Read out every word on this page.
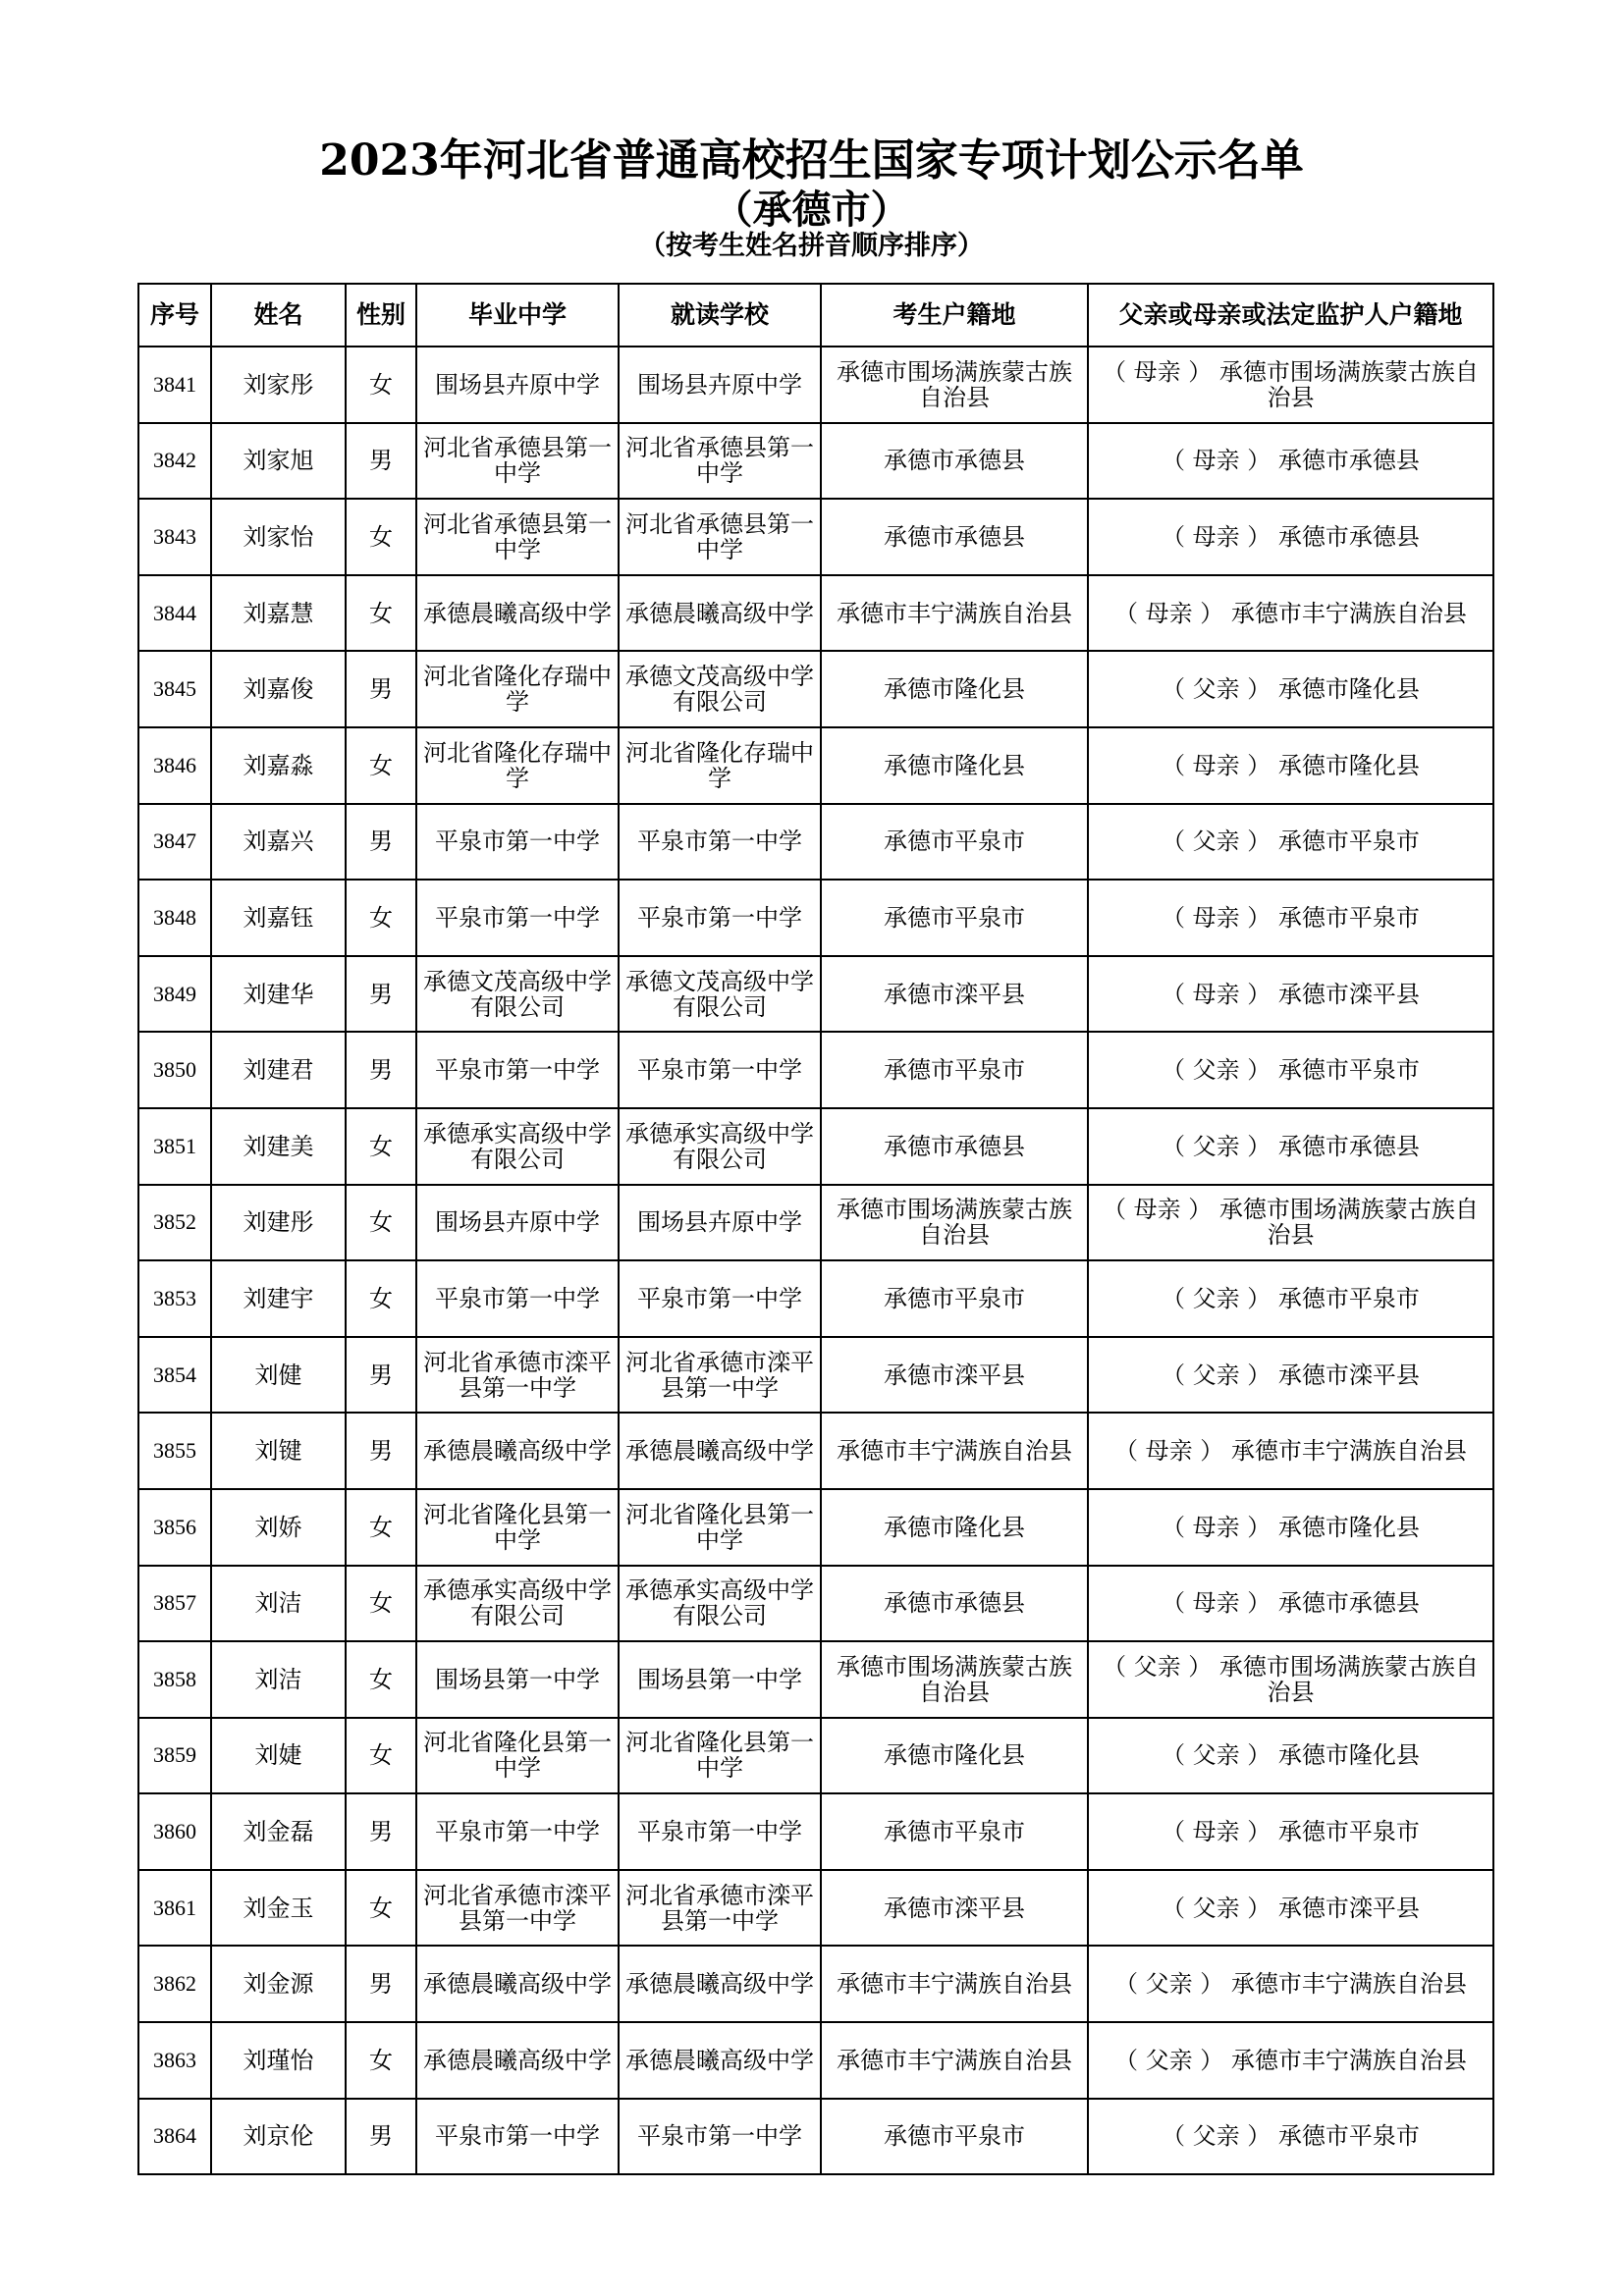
2023年河北省普通高校招生国家专项计划公示名单
（承德市）
（按考生姓名拼音顺序排序）
序号	姓名	性别	毕业中学	就读学校	考生户籍地	父亲或母亲或法定监护人户籍地
3841	刘家彤	女	围场县卉原中学	围场县卉原中学	承德市围场满族蒙古族自治县	（ 母亲 ） 承德市围场满族蒙古族自治县
3842	刘家旭	男	河北省承德县第一中学	河北省承德县第一中学	承德市承德县	（ 母亲 ） 承德市承德县
3843	刘家怡	女	河北省承德县第一中学	河北省承德县第一中学	承德市承德县	（ 母亲 ） 承德市承德县
3844	刘嘉慧	女	承德晨曦高级中学	承德晨曦高级中学	承德市丰宁满族自治县	（ 母亲 ） 承德市丰宁满族自治县
3845	刘嘉俊	男	河北省隆化存瑞中学	承德文茂高级中学有限公司	承德市隆化县	（ 父亲 ） 承德市隆化县
3846	刘嘉淼	女	河北省隆化存瑞中学	河北省隆化存瑞中学	承德市隆化县	（ 母亲 ） 承德市隆化县
3847	刘嘉兴	男	平泉市第一中学	平泉市第一中学	承德市平泉市	（ 父亲 ） 承德市平泉市
3848	刘嘉钰	女	平泉市第一中学	平泉市第一中学	承德市平泉市	（ 母亲 ） 承德市平泉市
3849	刘建华	男	承德文茂高级中学有限公司	承德文茂高级中学有限公司	承德市滦平县	（ 母亲 ） 承德市滦平县
3850	刘建君	男	平泉市第一中学	平泉市第一中学	承德市平泉市	（ 父亲 ） 承德市平泉市
3851	刘建美	女	承德承实高级中学有限公司	承德承实高级中学有限公司	承德市承德县	（ 父亲 ） 承德市承德县
3852	刘建彤	女	围场县卉原中学	围场县卉原中学	承德市围场满族蒙古族自治县	（ 母亲 ） 承德市围场满族蒙古族自治县
3853	刘建宇	女	平泉市第一中学	平泉市第一中学	承德市平泉市	（ 父亲 ） 承德市平泉市
3854	刘健	男	河北省承德市滦平县第一中学	河北省承德市滦平县第一中学	承德市滦平县	（ 父亲 ） 承德市滦平县
3855	刘键	男	承德晨曦高级中学	承德晨曦高级中学	承德市丰宁满族自治县	（ 母亲 ） 承德市丰宁满族自治县
3856	刘娇	女	河北省隆化县第一中学	河北省隆化县第一中学	承德市隆化县	（ 母亲 ） 承德市隆化县
3857	刘洁	女	承德承实高级中学有限公司	承德承实高级中学有限公司	承德市承德县	（ 母亲 ） 承德市承德县
3858	刘洁	女	围场县第一中学	围场县第一中学	承德市围场满族蒙古族自治县	（ 父亲 ） 承德市围场满族蒙古族自治县
3859	刘婕	女	河北省隆化县第一中学	河北省隆化县第一中学	承德市隆化县	（ 父亲 ） 承德市隆化县
3860	刘金磊	男	平泉市第一中学	平泉市第一中学	承德市平泉市	（ 母亲 ） 承德市平泉市
3861	刘金玉	女	河北省承德市滦平县第一中学	河北省承德市滦平县第一中学	承德市滦平县	（ 父亲 ） 承德市滦平县
3862	刘金源	男	承德晨曦高级中学	承德晨曦高级中学	承德市丰宁满族自治县	（ 父亲 ） 承德市丰宁满族自治县
3863	刘瑾怡	女	承德晨曦高级中学	承德晨曦高级中学	承德市丰宁满族自治县	（ 父亲 ） 承德市丰宁满族自治县
3864	刘京伦	男	平泉市第一中学	平泉市第一中学	承德市平泉市	（ 父亲 ） 承德市平泉市
